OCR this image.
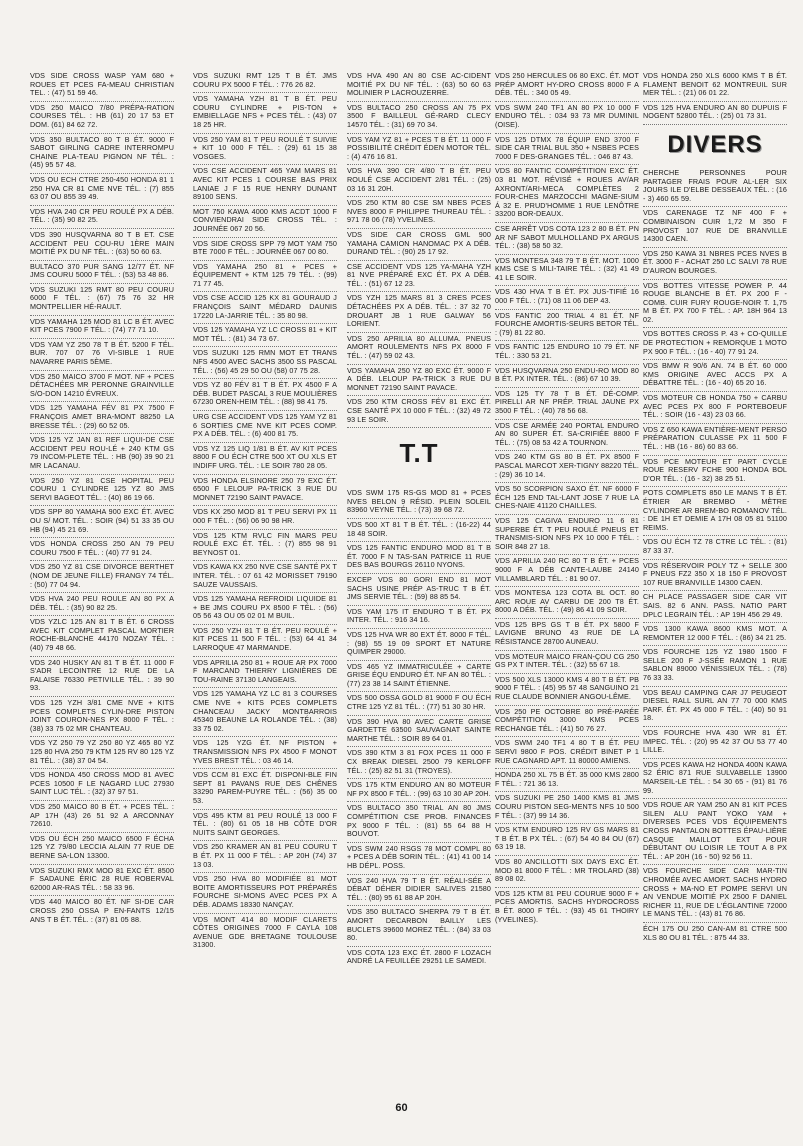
VDS SIDE CROSS WASP YAM 680 + ROUES ET PCES FA-MEAU CHRISTIAN TEL. : (47) 51 59 46.
VDS 250 MAICO 7/80 PRÉPA-RATION COURSES TÉL. : HB (61) 20 17 53 ET DOM. (61) 84 62 72.
VDS 350 BULTACO 80 T B ÉT. 9000 F SABOT GIRLING CADRE INTERROMPU CHAINE PLA-TEAU PIGNON NF TÉL. : (45) 95 57 48.
VDS OU ECH CTRE 250-450 HONDA 81 1 250 HVA CR 81 CME NVE TÉL. : (7) 855 63 07 OU 855 39 49.
VDS HVA 240 CR PEU ROULÉ PX A DÉB. TÉL. : (35) 90 82 25.
VDS 390 HUSQVARNA 80 T B ET. CSE ACCIDENT PEU COU-RU 1ÈRE MAIN MOITIÉ PX DU NF TÉL. : (63) 50 60 63.
BULTACO 370 PUR SANG 12/77 ÉT. NF JMS COURU 5000 F TÉL. : (53) 53 48 86.
VDS SUZUKI 125 RMT 80 PEU COURU 6000 F TÉL. : (67) 75 76 32 HR MONTPELLIER HÉ-RAULT.
VDS YAMAHA 125 MOD 81 LC B ÉT. AVEC KIT PCES 7900 F TÉL. : (74) 77 71 10.
VDS YAM YZ 250 78 T B ÉT. 5200 F TÉL. BUR. 707 07 76 VI-SIBLE 1 RUE NAVARRE PARIS 5ÈME.
VDS 250 MAICO 3700 F MOT. NF + PCES DÉTACHÉES MR PERONNE GRAINVILLE S/O-DON 14210 ÉVREUX.
VDS 125 YAMAHA FÉV 81 PX 7500 F FRANÇOIS AMET BRA-MONT 88250 LA BRESSE TÉL. : (29) 60 52 05.
VDS 125 YZ JAN 81 REF LIQUI-DE CSE ACCIDENT PEU ROU-LÉ + 240 KTM GS 79 INCOM-PLETE TÉL. : HB (90) 39 90 21 MR LACANAU.
VDS 250 YZ 81 CSE HOPITAL PEU COURU 1 CYLINDRE 125 YZ 80 JMS SERVI BAGEOT TÉL. : (40) 86 19 66.
VDS SPP 80 YAMAHA 900 EXC ÉT. AVEC OU S/ MOT. TÉL. : SOIR (94) 51 33 35 OU HB (94) 45 21 69.
VDS HONDA CROSS 250 AN 79 PEU COURU 7500 F TÉL. : (40) 77 91 24.
VDS 250 YZ 81 CSE DIVORCE BERTHET (NOM DE JEUNE FILLE) FRANGY 74 TÉL. : (50) 77 04 94.
VDS HVA 240 PEU ROULE AN 80 PX A DÉB. TÉL. : (35) 90 82 25.
VDS YZLC 125 AN 81 T B ÉT. 6 CROSS AVEC KIT COMPLET PASCAL MORTIER ROCHE-BLANCHE 44170 NOZAY TÉL. : (40) 79 48 66.
VDS 240 HUSKY AN 81 T B ÉT. 11 000 F S'ADR LECOINTRE 12 RUE DE LA FALAISE 76330 PETIVILLE TÉL. : 39 90 93.
VDS 125 YZH 3/81 CME NVE + KITS PCES COMPLETS CYLIN-DRE PISTON JOINT COURON-NES PX 8000 F TÉL. : (38) 33 75 02 MR CHANTEAU.
VDS YZ 250 79 YZ 250 80 YZ 465 80 YZ 125 80 HVA 250 79 KTM 125 RV 80 125 YZ 81 TÉL. : (38) 37 04 54.
VDS HONDA 450 CROSS MOD 81 AVEC PCES 10500 F LE NAGARD LUC 27930 SAINT LUC TÉL. : (32) 37 97 51.
VDS 250 MAICO 80 B ÉT. + PCES TÉL. : AP 17H (43) 26 51 92 A ARCONNAY 72610.
VDS OU ÉCH 250 MAICO 6500 F ÉCHA 125 YZ 79/80 LECCIA ALAIN 77 RUE DE BERNE SA-LON 13300.
VDS SUZUKI RMX MOD 81 EXC ÉT. 8500 F SADAUNE ÉRIC 28 RUE ROBERVAL 62000 AR-RAS TÉL. : 58 33 96.
VDS 440 MAICO 80 ÉT. NF SI-DE CAR CROSS 250 OSSA P EN-FANTS 12/15 ANS T B ÉT. TÉL. : (37) 81 05 88.
VDS SUZUKI RMT 125 T B ÉT. JMS COURU PX 5000 F TÉL. : 776 26 82.
VDS YAMAHA YZH 81 T B ÉT. PEU COURU CYLINDRE + PIS-TON + EMBIELLAGE NFS + PCES TÉL. : (43) 07 18 25 HR.
VDS 250 YAM 81 T PEU ROULÉ T SUIVIE + KIT 10 000 F TÉL. : (29) 61 15 38 VOSGES.
VDS CSE ACCIDENT 465 YAM MARS 81 AVEC KIT PCES 1 COURSE BAS PRIX LANIAE J F 15 RUE HENRY DUNANT 89100 SENS.
MOT 750 KAWA 4000 KMS ACDT 1000 F CONVIENDRAI SIDE CROSS TÉL. : JOURNÉE 067 20 56.
VDS SIDE CROSS SPP 79 MOT YAM 750 BTE 7000 F TÉL. : JOURNÉE 067 00 80.
VDS YAMAHA 250 81 + PCES + ÉQUIPEMENT + KTM 125 79 TÉL. : (99) 71 77 45.
VDS CSE ACCID 125 KX 81 GOURAUD J FRANÇOIS SAINT MÉDARD DAUNIS 17220 LA-JARRIE TÉL. : 35 80 98.
VDS 125 YAMAHA YZ LC CROSS 81 + KIT MOT TÉL. : (81) 34 73 67.
VDS SUZUKI 125 RMN MOT ET TRANS NFS 4500 AVEC SACHS 3500 SS PASCAL TÉL. : (56) 45 29 50 OU (58) 07 75 28.
VDS YZ 80 FÉV 81 T B ÉT. PX 4500 F A DÉB. BUDET PASCAL 3 RUE MOULIÈRES 67230 OREN-HEIM TÉL. : (88) 98 41 75.
URG CSE ACCIDENT VDS 125 YAM YZ 81 6 SORTIES CME NVE KIT PCES COMP. PX A DÉB. TÉL. : (6) 400 81 75.
VDS YZ 125 LIQ 1/81 B ÉT. AV KIT PCES 8800 F OU ÉCH CTRE 500 XT OU XLS ET INDIFF URG. TÉL. : LE SOIR 780 28 05.
VDS HONDA ELSINORE 250 79 EXC ÉT. 6500 F LELOUP PA-TRICK 3 RUE DU MONNET 72190 SAINT PAVACE.
VDS KX 250 MOD 81 T PEU SERVI PX 11 000 F TÉL. : (56) 06 90 98 HR.
VDS 125 KTM RVLC FIN MARS PEU ROULÉ EXC ÉT. TÉL. : (7) 855 98 91 BEYNOST 01.
VDS KAWA KX 250 NVE CSE SANTÉ PX T INTER. TÉL. : 07 61 42 MORISSET 79190 SAUZE VAUSSAIS.
VDS 125 YAMAHA REFROIDI LIQUIDE 81 + BE JMS COURU PX 8500 F TÉL. : (56) 05 56 43 OU 05 02 01 M BUIL.
VDS 250 YZH 81 T B ÉT. PEU ROULÉ + KIT PCES 11 500 F TÉL. : (53) 64 41 34 LARROQUE 47 MARMANDE.
VDS APRILIA 250 81 + ROUE AR PX 7000 F MARCAND THIERRY LIGNIÈRES DE TOU-RAINE 37130 LANGEAIS.
VDS 125 YAMAHA YZ LC 81 3 COURSES CME NVE + KITS PCES COMPLETS CHANCEAU JACKY MONTBARROIS 45340 BEAUNE LA ROLANDE TÉL. : (38) 33 75 02.
VDS 125 YZG ÉT. NF PISTON + TRANSMISSION NFS PX 4500 F MONOT YVES BREST TÉL. : 03 46 14.
VDS CCM 81 EXC ÉT. DISPONI-BLE FIN SEPT 81 PAVANS RUE DES CHÊNES 33290 PAREM-PUYRE TÉL. : (56) 35 00 53.
VDS 495 KTM 81 PEU ROULÉ 13 000 F TÉL. : (80) 61 05 18 HB CÔTE D'OR NUITS SAINT GEORGES.
VDS 250 KRAMER AN 81 PEU COURU T B ÉT. PX 11 000 F TÉL. : AP 20H (74) 37 13 03.
VDS 250 HVA 80 MODIFIÉE 81 MOT BOITE AMORTISSEURS POT PRÉPARÉS FOURCHE SI-MONS AVEC PCES PX A DÉB. ADAMS 18330 NANÇAY.
VDS MONT 414 80 MODIF CLARETS CÔTES ORIGINES 7000 F CAYLA 108 AVENUE GDE BRETAGNE TOULOUSE 31300.
VDS HVA 490 AN 80 CSE AC-CIDENT MOITIÉ PX DU NF TÉL. : (63) 50 60 63 MOLINIER P LACROUZERRE.
VDS BULTACO 250 CROSS AN 75 PX 3500 F BAILLEUL GÉ-RARD CLECY 14570 TÉL. : (31) 69 70 34.
VDS YAM YZ 81 + PCES T B ÉT. 11 000 F POSSIBILITÉ CRÉDIT ÉDEN MOTOR TÉL. : (4) 476 16 81.
VDS HVA 390 CR 4/80 T B ÉT. PEU ROULÉ CSE ACCIDENT 2/81 TÉL. : (25) 03 16 31 20H.
VDS 250 KTM 80 CSE SM NBES PCES NVES 8000 F PHILIPPE THUREAU TÉL. : 971 78 06 (78) YVELINES.
VDS SIDE CAR CROSS GML 900 YAMAHA CAMION HANOMAC PX A DÉB. DURAND TÉL. : (90) 25 17 92.
CSE ACCIDENT VDS 125 YA-MAHA YZH 81 NVE PRÉPARÉ EXC ÉT. PX A DÉB. TÉL. : (51) 67 12 23.
VDS YZH 125 MARS 81 3 CRES PCES DÉTACHÉES PX A DÉB. TÉL. : 37 32 70 DROUART JB 1 RUE GALWAY 56 LORIENT.
VDS 250 APRILIA 80 ALLUMA. PNEUS AMORT ROULEMENTS NFS PX 8000 F TÉL. : (47) 59 02 43.
VDS YAMAHA 250 YZ 80 EXC ÉT. 9000 F A DÉB. LELOUP PA-TRICK 3 RUE DU MONNET 72190 SAINT PAVACE.
VDS 250 KTM CROSS FÉV 81 EXC ÉT. CSE SANTÉ PX 10 000 F TÉL. : (32) 49 72 93 LE SOIR.
T.T
VDS SWM 175 RS-GS MOD 81 + PCES NVES BELON 9 RÉSID. PLEIN SOLEIL 83960 VEYNE TÉL. : (73) 39 68 72.
VDS 500 XT 81 T B ÉT. TÉL. : (16-22) 44 18 48 SOIR.
VDS 125 FANTIC ENDURO MOD 81 T B ÉT. 7000 F N TAS-SAN PATRICE 11 RUE DES BAS BOURGS 26110 NYONS.
EXCEP VDS 80 GORI END 81 MOT SACHS USINE PRÉP AS-TRUC T B ÉT. JMS SERVIE TÉL. : (59) 88 85 54.
VDS YAM 175 IT ENDURO T B ÉT. PX INTER. TÉL. : 916 34 16.
VDS 125 HVA WR 80 EXT ÉT. 8000 F TÉL. : (98) 55 19 09 SPORT ET NATURE QUIMPER 29000.
VDS 465 YZ IMMATRICULÉE + CARTE GRISE ÉQU ENDURO ÉT. NF AN 80 TÉL. : (77) 23 38 14 SAINT ÉTIENNE.
VDS 500 OSSA GOLD 81 9000 F OU ÉCH CTRE 125 YZ 81 TÉL. : (77) 51 30 30 HR.
VDS 390 HVA 80 AVEC CARTE GRISE GARDETTE 63500 SAUVAGNAT SAINTE MARTHE TÉL. : SOIR 89 64 01.
VDS 390 KTM 3 81 FOX PCES 11 000 F CX BREAK DIESEL 2500 79 KERLOFF TÉL. : (25) 82 51 31 (TROYES).
VDS 175 KTM ENDURO AN 80 MOTEUR NF PX 8500 F TÉL. : (99) 63 10 30 AP 20H.
VDS BULTACO 350 TRIAL AN 80 JMS COMPÉTITION CSE PROB. FINANCES PX 9000 F TÉL. : (81) 55 64 88 H BOUVOT.
VDS SWM 240 RSGS 78 MOT COMPL 80 + PCES A DÉB SORIN TÉL. : (41) 41 00 14 HB DÉPL. POSS.
VDS 240 HVA 79 T B ÉT. RÉALI-SÉE A DÉBAT DÉHER DIDIER SALIVES 21580 TÉL. : (80) 95 61 88 AP 20H.
VDS 350 BULTACO SHERPA 79 T B ÉT. AMORT DECARBON BAILLY LES BUCLETS 39600 MOREZ TÉL. : (84) 33 03 80.
VDS COTA 123 EXC ÉT. 2800 F LOZACH ANDRÉ LA FEUILLÉE 29251 LE SAMEDI.
VDS 250 HERCULES 06 80 EXC. ÉT. MOT PRÉP AMORT HY-DRO CROSS 8000 F A DÉB. TÉL. : 340 05 49.
VDS SWM 240 TF1 AN 80 PX 10 000 F ENDURO TÉL. : 034 93 73 MR DUMINIL (OISE).
VDS 125 DTMX 78 ÉQUIP END 3700 F SIDE CAR TRIAL BUL 350 + NSBES PCES 7000 F DES-GRANGES TÉL. : 046 87 43.
VDS 80 FANTIC COMPÉTITION EXC ÉT. 03 81 MOT. RÉVISÉ + ROUES AV/AR AXRONT/ARI-MECA COMPLÈTES 2 FOUR-CHES MARZOCCHI MAGNE-SIUM Á 32 E. PRUD'HOMME 1 RUE LENÔTRE 33200 BOR-DEAUX.
CSE ARRÊT VDS COTA 123 2 80 B ÉT. PN AR NF SABOT MULHOLLAND PX ARGUS TÉL. : (38) 58 50 32.
VDS MONTESA 348 79 T B ÉT. MOT. 1000 KMS CSE S MILI-TAIRE TÉL. : (32) 41 49 41 LE SOIR.
VDS 430 HVA T B ÉT. PX JUS-TIFIÉ 16 000 F TÉL. : (71) 08 11 06 DEP 43.
VDS FANTIC 200 TRIAL 4 81 ÉT. NF FOURCHE AMORTIS-SEURS BETOR TÉL. : (79) 81 22 80.
VDS FANTIC 125 ENDURO 10 79 ÉT. NF TÉL. : 330 53 21.
VDS HUSQVARNA 250 ENDU-RO MOD 80 B ÉT. PX INTER. TÉL. : (86) 67 10 39.
VDS 125 TY 78 T B ÉT. DÉ-COMP. PIRELLI AR NF PRÉP. TRIAL JAUNE PX 3500 F TÉL. : (40) 78 56 68.
VDS CSE ARMÉE 240 PORTAL ENDURO AN 80 SUPER ÉT. SA-CRIFIÉE 8800 F TÉL. : (75) 08 53 42 A TOURNON.
VDS 240 KTM GS 80 B ÉT. PX 8500 F PASCAL MARCOT XER-TIGNY 88220 TÉL. : (29) 36 10 14.
VDS 50 SCORPION SAXO ÉT. NF 6000 F ÉCH 125 END TAL-LANT JOSE 7 RUE LA CHES-NAIE 41120 CHAILLES.
VDS 125 CAGIVA ENDURO 11 6 81 SUPERBE ÉT. T PEU ROULÉ PNEUS ET TRANSMIS-SION NFS PX 10 000 F TÉL. : SOIR 848 27 18.
VDS APRILIA 240 RC 80 T B ÉT. + PCES 9000 F A DÉB CANTE-LAUBE 24140 VILLAMBLARD TÉL. : 81 90 07.
VDS MONTESA 123 COTA BL OCT. 80 ARC ROUE AV CARBU DE 200 T8 ÉT. 8000 A DÉB. TÉL. : (49) 86 41 09 SOIR.
VDS 125 BPS GS T B ÉT. PX 5800 F LAVIGNE BRUNO 43 RUE DE LA RÉSISTANCE 28700 AUNEAU.
VDS MOTEUR MAICO FRAN-ÇOU CG 250 GS PX T INTER. TÉL. : (32) 55 67 18.
VDS 500 XLS 13000 KMS 4 80 T B ÉT. PB 9000 F TÉL. : (45) 95 57 48 SANGUINO 21 RUE CLAUDE BONNIER ANGOU-LÊME.
VDS 250 PE OCTOBRE 80 PRÉ-PARÉE COMPÉTITION 3000 KMS PCES RECHANGE TÉL. : (41) 50 76 27.
VDS SWM 240 TF1 4 80 T B ÉT. PEU SERVI 9800 F POS. CRÉDIT BINET P 1 RUE CAGNARD APT. 11 80000 AMIENS.
HONDA 250 XL 75 B ÉT. 35 000 KMS 2800 F TÉL. : 721 36 13.
VDS SUZUKI PE 250 1400 KMS 81 JMS COURU PISTON SEG-MENTS NFS 10 500 F TÉL. : (37) 99 14 36.
VDS KTM ENDURO 125 RV GS MARS 81 T B ÉT. B PX TÉL. : (67) 54 40 84 OU (67) 63 19 18.
VDS 80 ANCILLOTTI SIX DAYS EXC ÉT. MOD 81 8000 F TÉL. : MR TROLARD (38) 89 08 02.
VDS 125 KTM 81 PEU COURUE 9000 F + PCES AMORTIS. SACHS HYDROCROSS B ÉT. 8000 F TÉL. : (93) 45 61 THOIRY (YVELINES).
VDS HONDA 250 XLS 6000 KMS T B ÉT. FLAMENT BENOIT 62 MONTREUIL SUR MER TÉL. : (21) 06 01 22.
VDS 125 HVA ENDURO AN 80 DUPUIS F NOGENT 52800 TÉL. : (25) 01 73 31.
DIVERS
CHERCHE PERSONNES POUR PARTAGER FRAIS POUR AL-LER SIX JOURS ILE D'ELBE DESSEAUX TÉL. : (16 - 3) 460 65 59.
VDS CARENAGE TZ NF 400 F + COMBINAISON CUIR 1,72 M 350 F PROVOST 107 RUE DE BRANVILLE 14300 CAEN.
VDS 250 KAWA 31 NBRES PCES NVES B ÉT. 3000 F - ACHAT 250 LC SALVI 78 RUE D'AURON BOURGES.
VDS BOTTES VITESSE POWER P. 44 ROUGE BLANCHE B ÉT. PX 200 F - COMB. CUIR FURY ROUGE-NOIR T. 1,75 M B ÉT. PX 700 F TÉL. : AP. 18H 964 13 02.
VDS BOTTES CROSS P. 43 + CO-QUILLE DE PROTECTION + REMORQUE 1 MOTO PX 900 F TÉL. : (16 - 40) 77 91 24.
VDS BMW R 90/6 AN. 74 B ÉT. 60 000 KMS ORIGINE AVEC ACCS PX A DÉBATTRE TÉL. : (16 - 40) 65 20 16.
VDS MOTEUR CB HONDA 750 + CARBU AVEC PCES PX 800 F PORTEBOEUF TÉL. : SOIR (16 - 43) 23 03 66.
VDS Z 650 KAWA ENTIÈRE-MENT PERSO PRÉPARATION CULASSE PX 11 500 F TÉL. : HB (16 - 86) 60 83 66.
VDS PCE MOTEUR ET PART CYCLE ROUE RESERV FCHE 900 HONDA BOL D'OR TÉL. : (16 - 32) 38 25 51.
POTS COMPLETS 850 LE MANS T B ÉT. ÉTRIER AR BREMBO - MÈTRE CYLINDRE AR BREM-BO ROMANOV TÉL. : DE 1H ET DEMIE A 17H 08 05 81 51100 REIMS.
VDS OU ÉCH TZ 78 CTRE LC TÉL. : (81) 87 33 37.
VDS RÉSERVOIR POLY TZ + SELLE 300 F PNEUS FZ2 350 X 18 150 F PROVOST 107 RUE BRANVILLE 14300 CAEN.
CH PLACE PASSAGER SIDE CAR VIT SAIS. 82 6 ANN. PASS. NATIO PART DPLC LEGRAIN TÉL. : AP 19H 456 29 49.
VDS 1300 KAWA 8600 KMS MOT. A REMONTER 12 000 F TÉL. : (86) 34 21 25.
VDS FOURCHE 125 YZ 1980 1500 F SELLE 200 F J-SSÉE RAMON 1 RUE SABLON 89000 VÉNISSIEUX TÉL. : (78) 76 33 33.
VDS BEAU CAMPING CAR J7 PEUGEOT DIESEL RALL SURL AN 77 70 000 KMS PARF. ÉT. PX 45 000 F TÉL. : (40) 50 91 18.
VDS FOURCHE HVA 430 WR 81 ÉT. IMPEC. TÉL. : (20) 95 42 37 OU 53 77 40 LILLE.
VDS PCES KAWA H2 HONDA 400N KAWA S2 ÉRIC 871 RUE SULVABELLE 13900 MARSEIL-LE TÉL. : 54 30 65 - (91) 81 76 99.
VDS ROUE AR YAM 250 AN 81 KIT PCES SILEN ALU PANT YOKO YAM + DIVERSES PCES VDS ÉQUIPEMENTS CROSS PANTALON BOTTES ÉPAU-LIÈRE CASQUE MAILLOT EXT POUR DÉBUTANT OU LOISIR LE TOUT A 8 PX TÉL. : AP 20H (16 - 50) 92 56 11.
VDS FOURCHE SIDE CAR MAR-TIN CHROMÉE AVEC AMORT. SACHS HYDRO CROSS + MA-NO ET POMPE SERVI UN AN VENDUE MOITIÉ PX 2500 F DANIEL RICHER 11, RUE DE L'ÉGLANTINE 72000 LE MANS TÉL. : (43) 81 76 86.
ÉCH 175 OU 250 CAN-AM 81 CTRE 500 XLS 80 OU 81 TÉL. : 875 44 33.
60
